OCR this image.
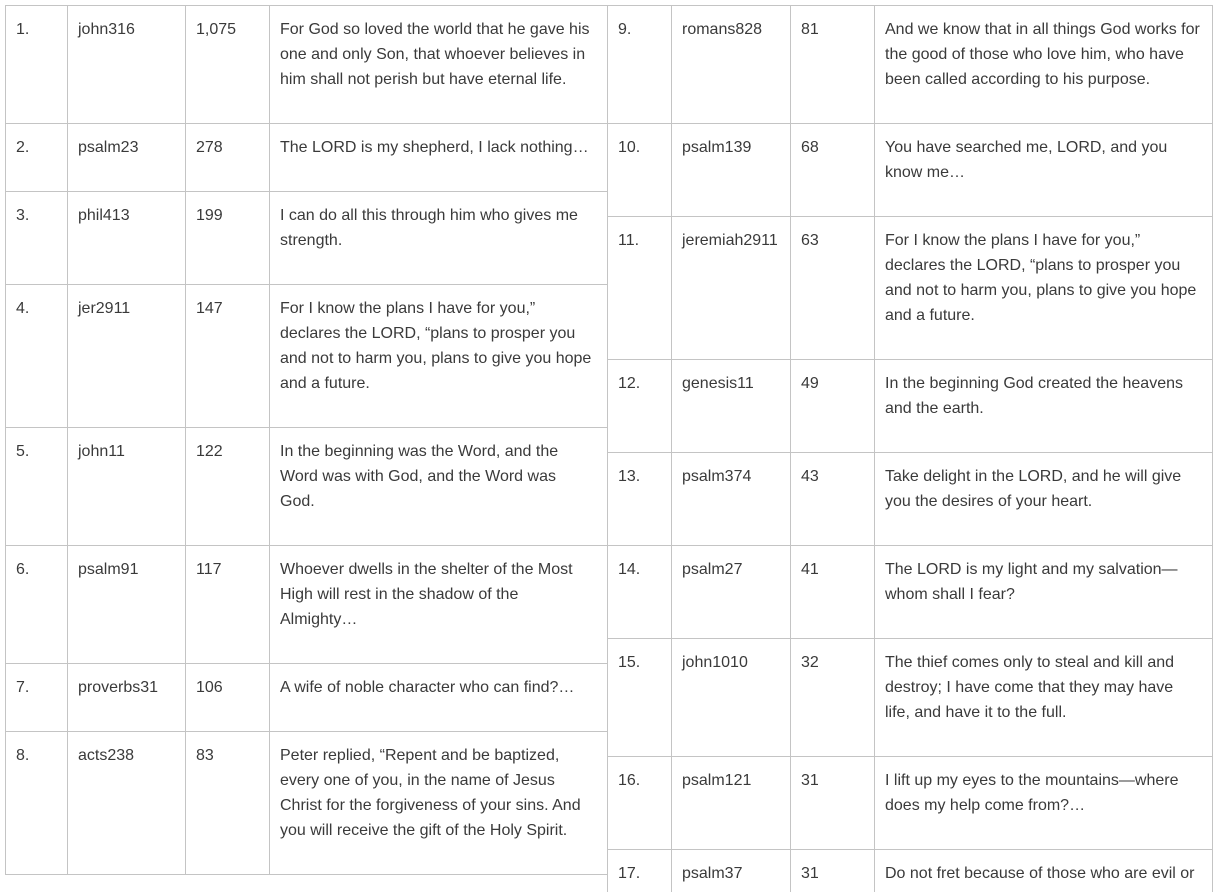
1.	john316	1,075	For God so loved the world that he gave his one and only Son, that whoever believes in him shall not perish but have eternal life.
2.	psalm23	278	The LORD is my shepherd, I lack nothing…
3.	phil413	199	I can do all this through him who gives me strength.
4.	jer2911	147	For I know the plans I have for you,” declares the LORD, “plans to prosper you and not to harm you, plans to give you hope and a future.
5.	john11	122	In the beginning was the Word, and the Word was with God, and the Word was God.
6.	psalm91	117	Whoever dwells in the shelter of the Most High will rest in the shadow of the Almighty…
7.	proverbs31	106	A wife of noble character who can find?…
8.	acts238	83	Peter replied, “Repent and be baptized, every one of you, in the name of Jesus Christ for the forgiveness of your sins. And you will receive the gift of the Holy Spirit.
9.	romans828	81	And we know that in all things God works for the good of those who love him, who have been called according to his purpose.
10.	psalm139	68	You have searched me, LORD, and you know me…
11.	jeremiah2911	63	For I know the plans I have for you,” declares the LORD, “plans to prosper you and not to harm you, plans to give you hope and a future.
12.	genesis11	49	In the beginning God created the heavens and the earth.
13.	psalm374	43	Take delight in the LORD, and he will give you the desires of your heart.
14.	psalm27	41	The LORD is my light and my salvation—whom shall I fear?
15.	john1010	32	The thief comes only to steal and kill and destroy; I have come that they may have life, and have it to the full.
16.	psalm121	31	I lift up my eyes to the mountains—where does my help come from?…
17.	psalm37	31	Do not fret because of those who are evil or
